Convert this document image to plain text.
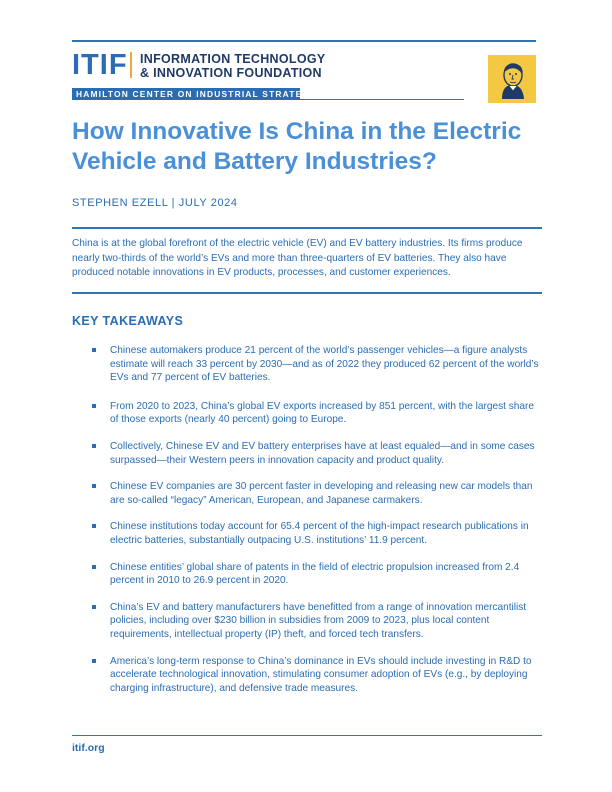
ITIF INFORMATION TECHNOLOGY
& INNOVATION FOUNDATION
HAMILTON CENTER ON INDUSTRIAL STRATEGY
How Innovative Is China in the Electric Vehicle and Battery Industries?
STEPHEN EZELL | JULY 2024
China is at the global forefront of the electric vehicle (EV) and EV battery industries. Its firms produce nearly two-thirds of the world’s EVs and more than three-quarters of EV batteries. They also have produced notable innovations in EV products, processes, and customer experiences.
KEY TAKEAWAYS
Chinese automakers produce 21 percent of the world’s passenger vehicles—a figure analysts estimate will reach 33 percent by 2030—and as of 2022 they produced 62 percent of the world’s EVs and 77 percent of EV batteries.
From 2020 to 2023, China’s global EV exports increased by 851 percent, with the largest share of those exports (nearly 40 percent) going to Europe.
Collectively, Chinese EV and EV battery enterprises have at least equaled—and in some cases surpassed—their Western peers in innovation capacity and product quality.
Chinese EV companies are 30 percent faster in developing and releasing new car models than are so-called “legacy” American, European, and Japanese carmakers.
Chinese institutions today account for 65.4 percent of the high-impact research publications in electric batteries, substantially outpacing U.S. institutions’ 11.9 percent.
Chinese entities’ global share of patents in the field of electric propulsion increased from 2.4 percent in 2010 to 26.9 percent in 2020.
China’s EV and battery manufacturers have benefitted from a range of innovation mercantilist policies, including over $230 billion in subsidies from 2009 to 2023, plus local content requirements, intellectual property (IP) theft, and forced tech transfers.
America’s long-term response to China’s dominance in EVs should include investing in R&D to accelerate technological innovation, stimulating consumer adoption of EVs (e.g., by deploying charging infrastructure), and defensive trade measures.
itif.org
